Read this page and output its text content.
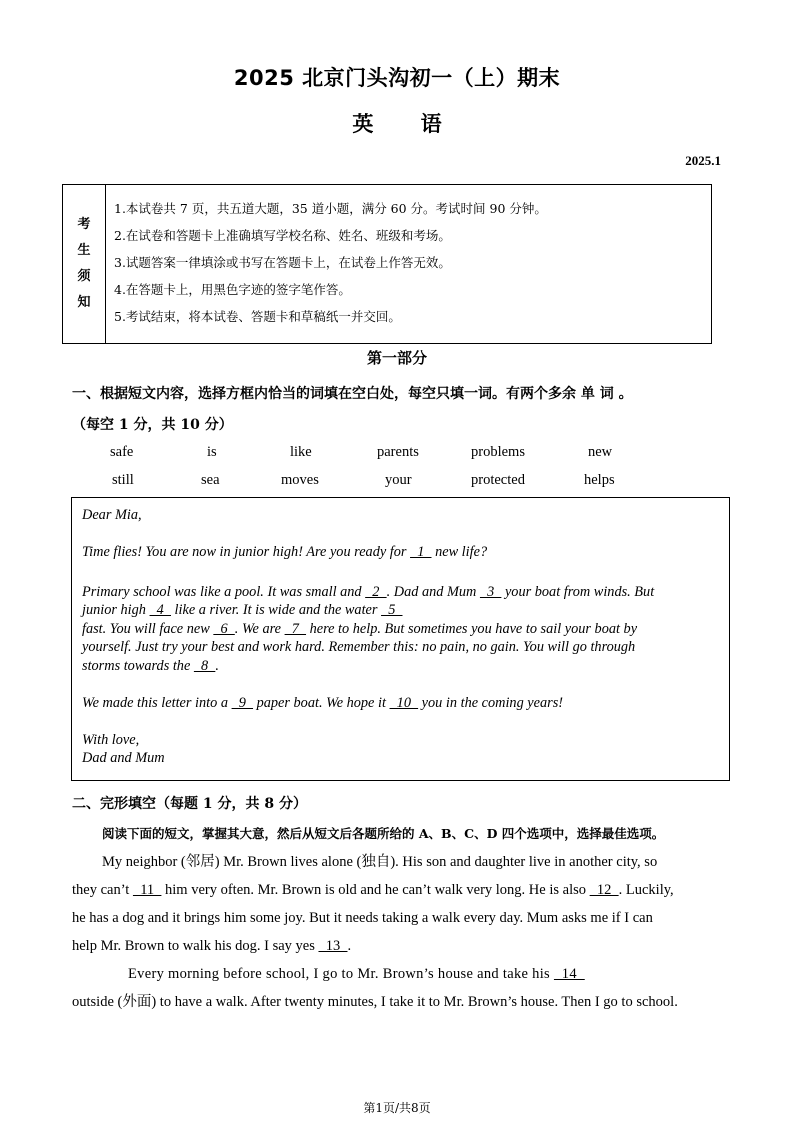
2025 北京门头沟初一（上）期末
英 语
2025.1
考
生
须
知
1.本试卷共 7 页，共五道大题，35 道小题，满分 60 分。考试时间 90 分钟。
2.在试卷和答题卡上准确填写学校名称、姓名、班级和考场。
3.试题答案一律填涂或书写在答题卡上，在试卷上作答无效。
4.在答题卡上，用黑色字迹的签字笔作答。
5.考试结束，将本试卷、答题卡和草稿纸一并交回。
第一部分
一、根据短文内容，选择方框内恰当的词填在空白处，每空只填一词。有两个多余 单 词 。
（每空 1 分，共 10 分）
safe	is	like	parents	problems	new
still	sea	moves	your	protected	helps

Dear Mia,

Time flies! You are now in junior high! Are you ready for   1   new life?

Primary school was like a pool. It was small and   2  . Dad and Mum   3   your boat from winds. But

junior high   4   like a river. It is wide and the water   5

fast. You will face new   6  . We are   7   here to help. But sometimes you have to sail your boat by

yourself. Just try your best and work hard. Remember this: no pain, no gain. You will go through

storms towards the   8  .

We made this letter into a   9   paper boat. We hope it   10   you in the coming years!

With love,

Dad and Mum

二、完形填空（每题 1 分，共 8 分）
阅读下面的短文，掌握其大意，然后从短文后各题所给的 A、B、C、D 四个选项中，选择最佳选项。
My neighbor (邻居) Mr. Brown lives alone (独自). His son and daughter live in another city, so
they can’t   11   him very often. Mr. Brown is old and he can’t walk very long. He is also   12  . Luckily,
he has a dog and it brings him some joy. But it needs taking a walk every day. Mum asks me if I can
help Mr. Brown to walk his dog. I say yes   13  .
Every morning before school, I go to Mr. Brown’s house and take his   14
outside (外面) to have a walk. After twenty minutes, I take it to Mr. Brown’s house. Then I go to school.
第1页/共8页
